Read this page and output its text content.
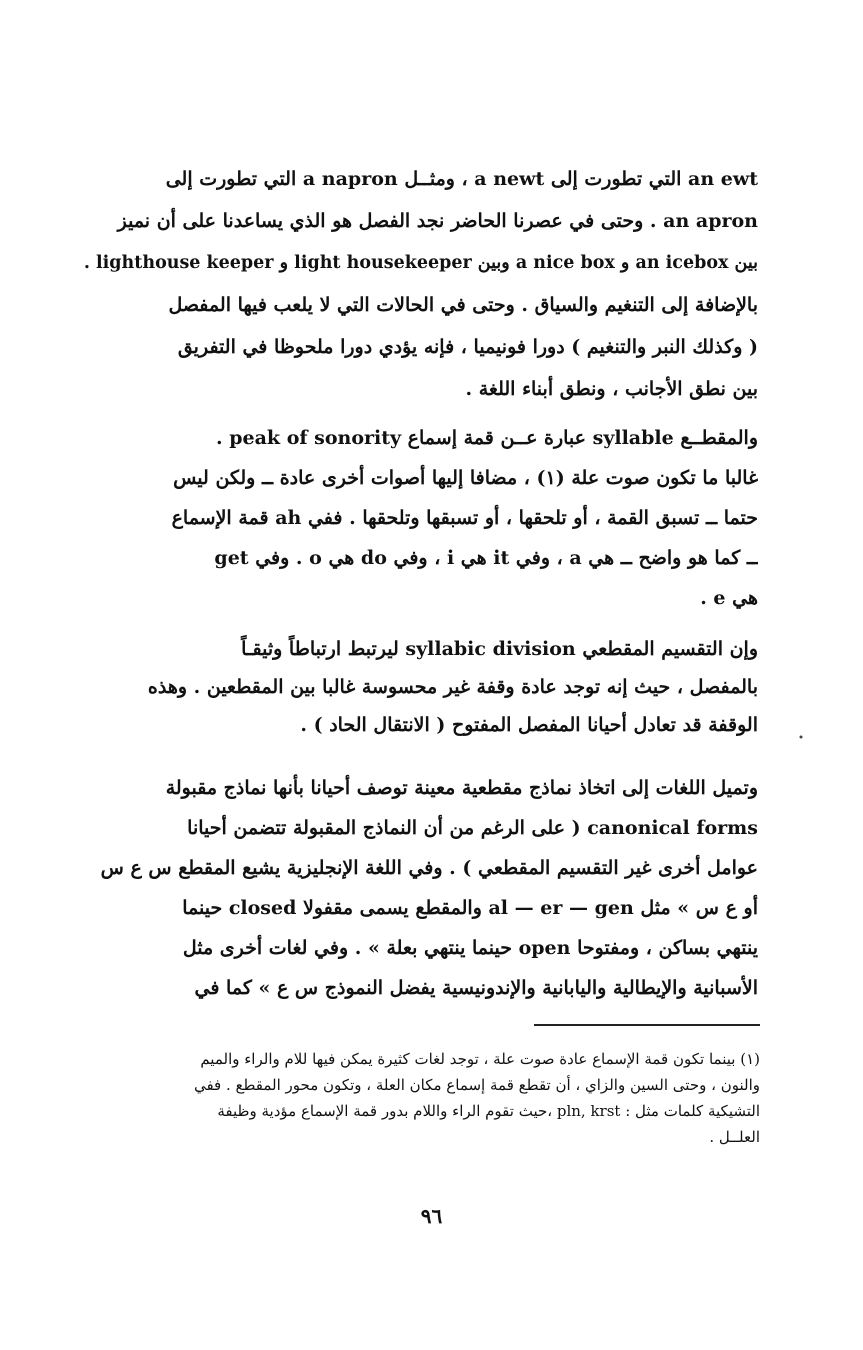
an ewt التي تطورت إلى a newt ، ومثــل a napron التي تطورت إلى
an apron . وحتى في عصرنا الحاضر نجد الفصل هو الذي يساعدنا على أن نميز
بين an icebox و a nice box وبين light housekeeper و lighthouse keeper .
بالإضافة إلى التنغيم والسياق . وحتى في الحالات التي لا يلعب فيها المفصل
( وكذلك النبر والتنغيم ) دورا فونيميا ، فإنه يؤدي دورا ملحوظا في التفريق
بين نطق الأجانب ، ونطق أبناء اللغة .
والمقطــع syllable عبارة عــن قمة إسماع peak of sonority .
غالبا ما تكون صوت علة (١) ، مضافا إليها أصوات أخرى عادة ــ ولكن ليس
حتما ــ تسبق القمة ، أو تلحقها ، أو تسبقها وتلحقها . ففي ah قمة الإسماع
ــ كما هو واضح ــ هي a ، وفي it هي i ، وفي do هي o . وفي get
هي e .
وإن التقسيم المقطعي syllabic division ليرتبط ارتباطاً وثيقـاً
بالمفصل ، حيث إنه توجد عادة وقفة غير محسوسة غالبا بين المقطعين . وهذه
الوقفة قد تعادل أحيانا المفصل المفتوح ( الانتقال الحاد ) .
وتميل اللغات إلى اتخاذ نماذج مقطعية معينة توصف أحيانا بأنها نماذج مقبولة
canonical forms ( على الرغم من أن النماذج المقبولة تتضمن أحيانا
عوامل أخرى غير التقسيم المقطعي ) . وفي اللغة الإنجليزية يشيع المقطع س ع س
أو ع س » مثل al — er — gen والمقطع يسمى مقفولا closed حينما
ينتهي بساكن ، ومفتوحا open حينما ينتهي بعلة » . وفي لغات أخرى مثل
الأسبانية والإيطالية واليابانية والإندونيسية يفضل النموذج س ع » كما في
(١) بينما تكون قمة الإسماع عادة صوت علة ، توجد لغات كثيرة يمكن فيها للام والراء والميم
والنون ، وحتى السين والزاي ، أن تقطع قمة إسماع مكان العلة ، وتكون محور المقطع . ففي
التشيكية كلمات مثل : pln, krst ،حيث تقوم الراء واللام بدور قمة الإسماع مؤدية وظيفة
العلــل .
٩٦
